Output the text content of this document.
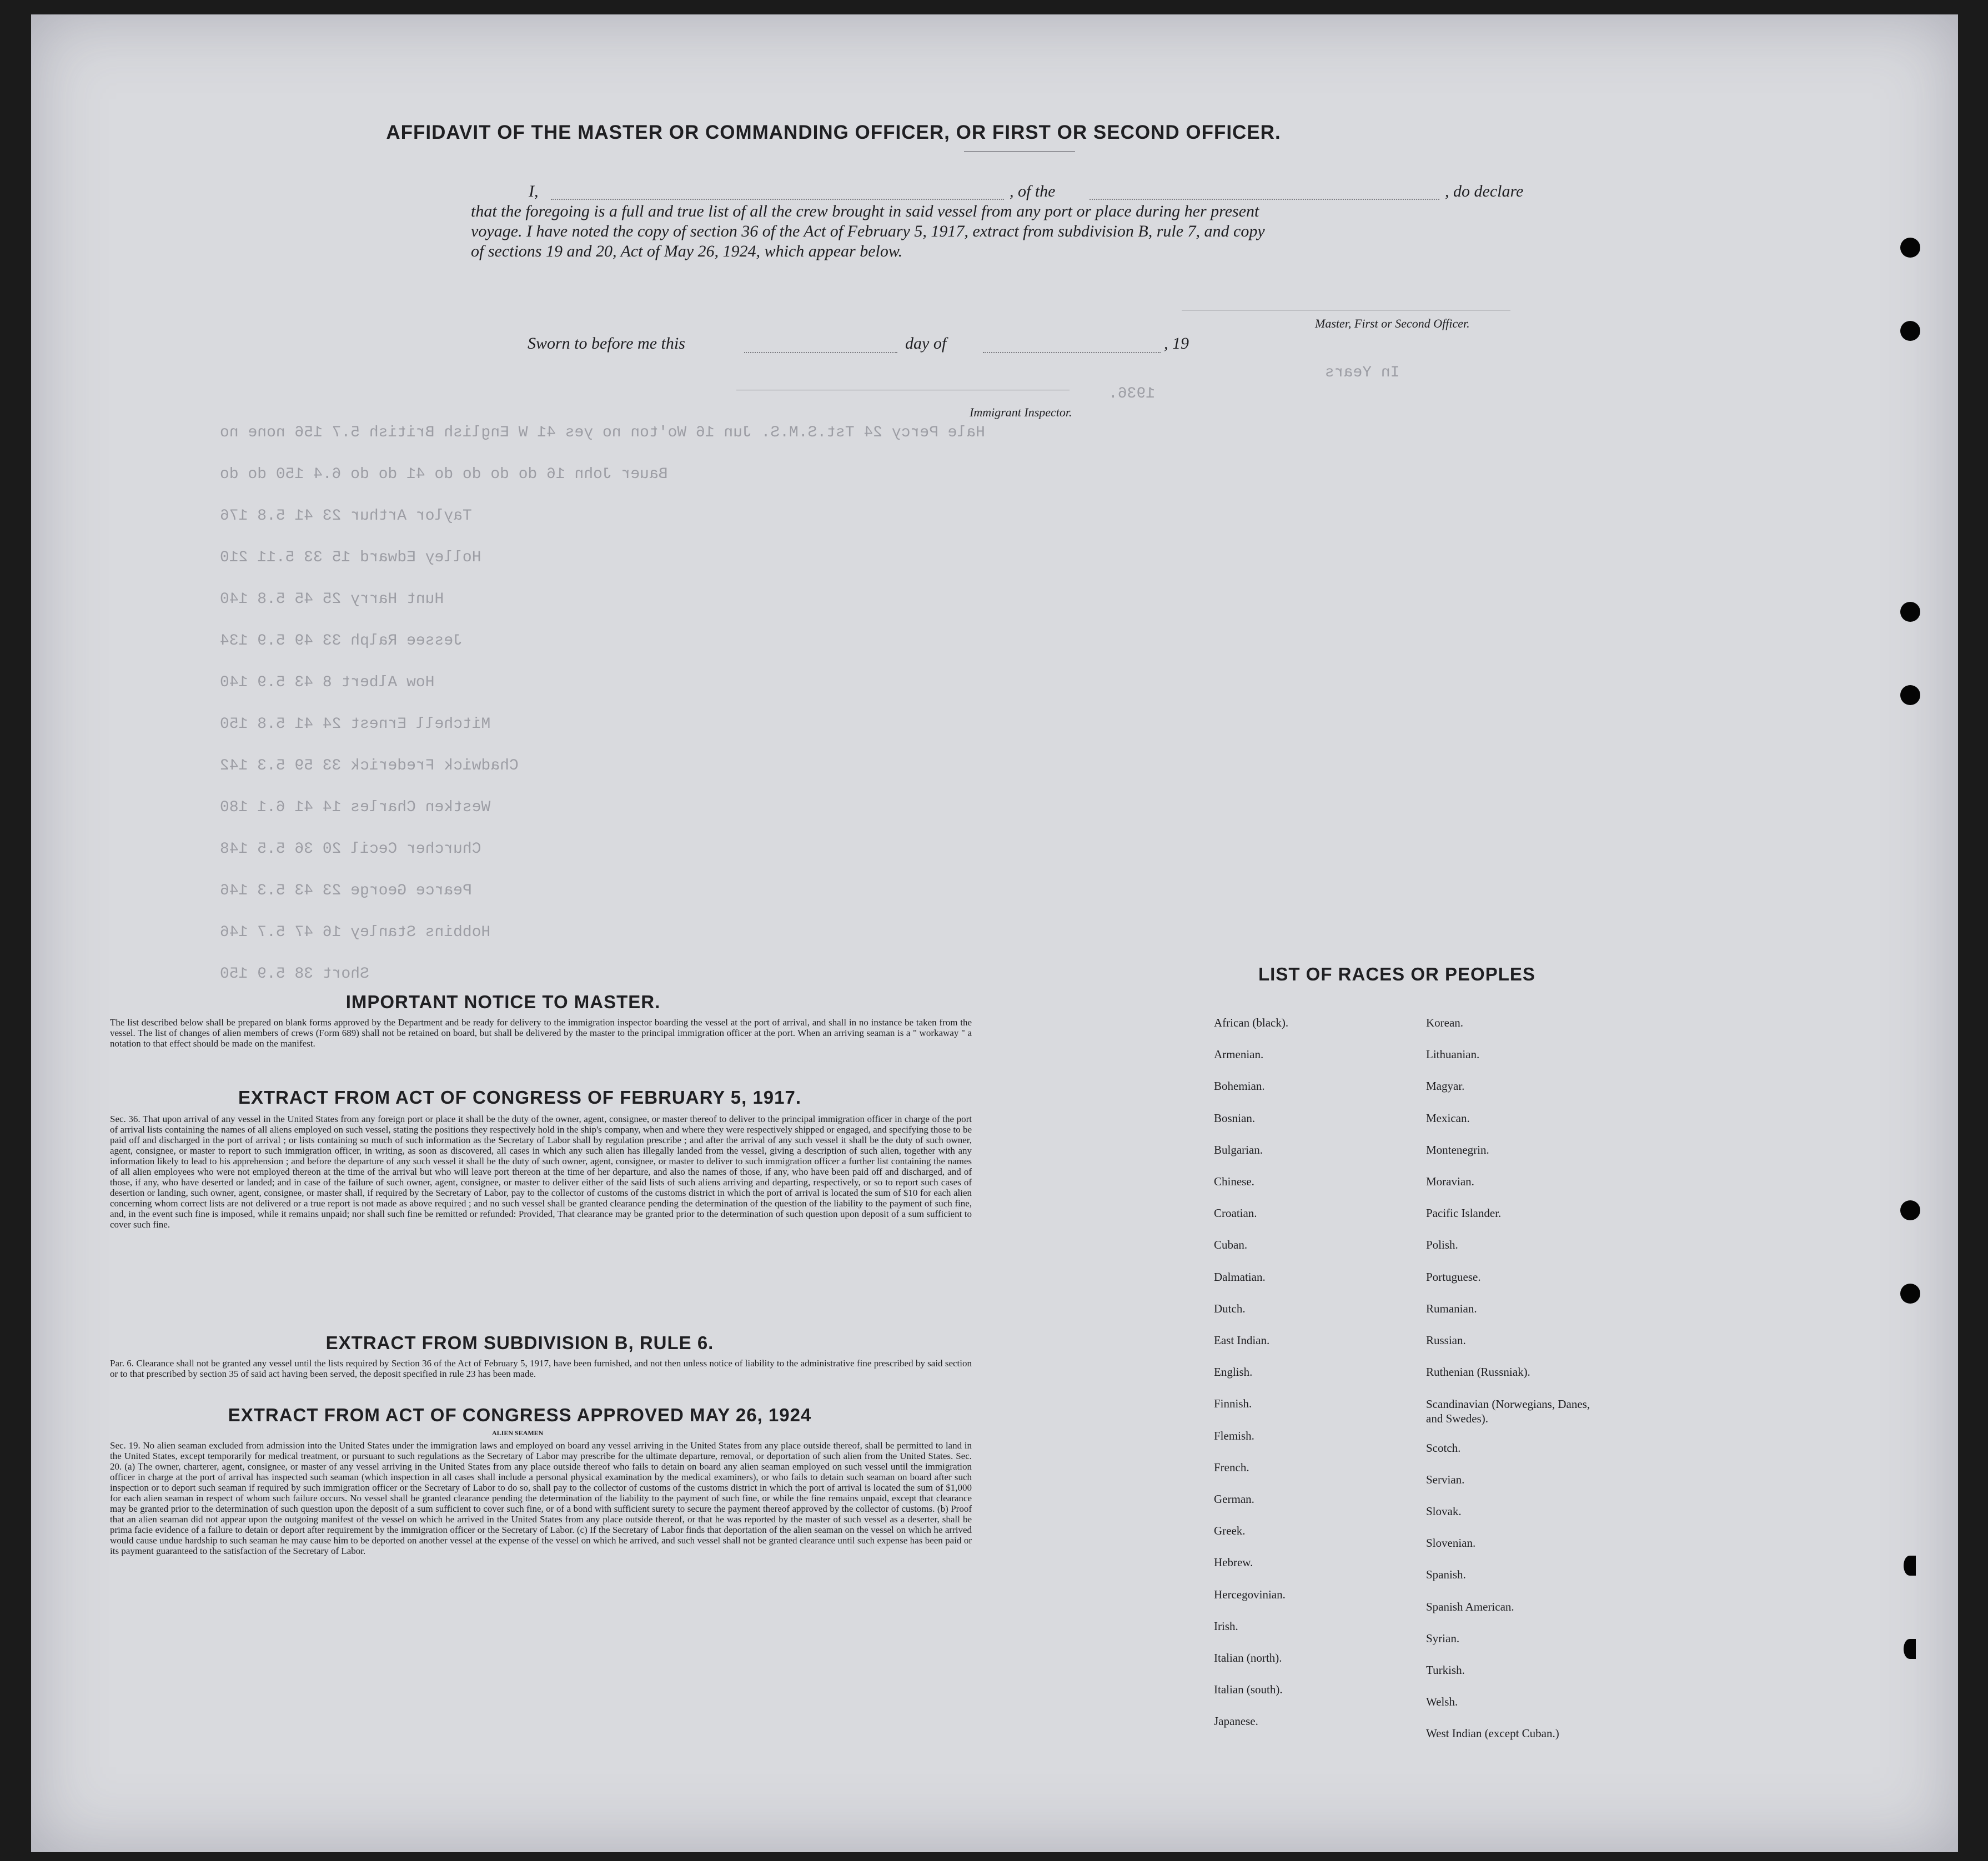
AFFIDAVIT OF THE MASTER OR COMMANDING OFFICER, OR FIRST OR SECOND OFFICER.
I,	, of the	, do declare
that the foregoing is a full and true list of all the crew brought in said vessel from any port or place during her present
voyage. I have noted the copy of section 36 of the Act of February 5, 1917, extract from subdivision B, rule 7, and copy
of sections 19 and 20, Act of May 26, 1924, which appear below.
Master, First or Second Officer.
Sworn to before me this	day of	, 19
Immigrant Inspector.
1936.
In Years
Hale Percy 24 Tst.S.M.S. Jun 16 Wo'ton no yes 41 W English British 5.7 156 none no
Bauer John 16 do do do do 41 do do 6.4 150 do do
Taylor Arthur 23 41 5.8 176
Holley Edward 15 33 5.11 210
Hunt Harry 25 45 5.8 140
Jessee Ralph 33 49 5.9 134
How Albert 8 43 5.9 140
Mitchell Ernest 24 41 5.8 150
Chadwick Frederick 33 59 5.3 142
Westken Charles 14 41 6.1 180
Churcher Cecil 20 36 5.5 148
Pearce George 23 43 5.3 146
Hobbins Stanley 16 47 5.7 146
Short 38 5.9 150
IMPORTANT NOTICE TO MASTER.
The list described below shall be prepared on blank forms approved by the Department and be ready for delivery to the immigration inspector boarding the vessel at the port of arrival, and shall in no instance be taken from the vessel. The list of changes of alien members of crews (Form 689) shall not be retained on board, but shall be delivered by the master to the principal immigration officer at the port. When an arriving seaman is a " workaway " a notation to that effect should be made on the manifest.
EXTRACT FROM ACT OF CONGRESS OF FEBRUARY 5, 1917.
Sec. 36. That upon arrival of any vessel in the United States from any foreign port or place it shall be the duty of the owner, agent, consignee, or master thereof to deliver to the principal immigration officer in charge of the port of arrival lists containing the names of all aliens employed on such vessel, stating the positions they respectively hold in the ship's company, when and where they were respectively shipped or engaged, and specifying those to be paid off and discharged in the port of arrival ; or lists containing so much of such information as the Secretary of Labor shall by regulation prescribe ; and after the arrival of any such vessel it shall be the duty of such owner, agent, consignee, or master to report to such immigration officer, in writing, as soon as discovered, all cases in which any such alien has illegally landed from the vessel, giving a description of such alien, together with any information likely to lead to his apprehension ; and before the departure of any such vessel it shall be the duty of such owner, agent, consignee, or master to deliver to such immigration officer a further list containing the names of all alien employees who were not employed thereon at the time of the arrival but who will leave port thereon at the time of her departure, and also the names of those, if any, who have been paid off and discharged, and of those, if any, who have deserted or landed; and in case of the failure of such owner, agent, consignee, or master to deliver either of the said lists of such aliens arriving and departing, respectively, or so to report such cases of desertion or landing, such owner, agent, consignee, or master shall, if required by the Secretary of Labor, pay to the collector of customs of the customs district in which the port of arrival is located the sum of $10 for each alien concerning whom correct lists are not delivered or a true report is not made as above required ; and no such vessel shall be granted clearance pending the determination of the question of the liability to the payment of such fine, and, in the event such fine is imposed, while it remains unpaid; nor shall such fine be remitted or refunded: Provided, That clearance may be granted prior to the determination of such question upon deposit of a sum sufficient to cover such fine.
EXTRACT FROM SUBDIVISION B, RULE 6.
Par. 6. Clearance shall not be granted any vessel until the lists required by Section 36 of the Act of February 5, 1917, have been furnished, and not then unless notice of liability to the administrative fine prescribed by said section or to that prescribed by section 35 of said act having been served, the deposit specified in rule 23 has been made.
EXTRACT FROM ACT OF CONGRESS APPROVED MAY 26, 1924
ALIEN SEAMEN
Sec. 19. No alien seaman excluded from admission into the United States under the immigration laws and employed on board any vessel arriving in the United States from any place outside thereof, shall be permitted to land in the United States, except temporarily for medical treatment, or pursuant to such regulations as the Secretary of Labor may prescribe for the ultimate departure, removal, or deportation of such alien from the United States. Sec. 20. (a) The owner, charterer, agent, consignee, or master of any vessel arriving in the United States from any place outside thereof who fails to detain on board any alien seaman employed on such vessel until the immigration officer in charge at the port of arrival has inspected such seaman (which inspection in all cases shall include a personal physical examination by the medical examiners), or who fails to detain such seaman on board after such inspection or to deport such seaman if required by such immigration officer or the Secretary of Labor to do so, shall pay to the collector of customs of the customs district in which the port of arrival is located the sum of $1,000 for each alien seaman in respect of whom such failure occurs. No vessel shall be granted clearance pending the determination of the liability to the payment of such fine, or while the fine remains unpaid, except that clearance may be granted prior to the determination of such question upon the deposit of a sum sufficient to cover such fine, or of a bond with sufficient surety to secure the payment thereof approved by the collector of customs. (b) Proof that an alien seaman did not appear upon the outgoing manifest of the vessel on which he arrived in the United States from any place outside thereof, or that he was reported by the master of such vessel as a deserter, shall be prima facie evidence of a failure to detain or deport after requirement by the immigration officer or the Secretary of Labor. (c) If the Secretary of Labor finds that deportation of the alien seaman on the vessel on which he arrived would cause undue hardship to such seaman he may cause him to be deported on another vessel at the expense of the vessel on which he arrived, and such vessel shall not be granted clearance until such expense has been paid or its payment guaranteed to the satisfaction of the Secretary of Labor.
LIST OF RACES OR PEOPLES
African (black).
Armenian.
Bohemian.
Bosnian.
Bulgarian.
Chinese.
Croatian.
Cuban.
Dalmatian.
Dutch.
East Indian.
English.
Finnish.
Flemish.
French.
German.
Greek.
Hebrew.
Hercegovinian.
Irish.
Italian (north).
Italian (south).
Japanese.
Korean.
Lithuanian.
Magyar.
Mexican.
Montenegrin.
Moravian.
Pacific Islander.
Polish.
Portuguese.
Rumanian.
Russian.
Ruthenian (Russniak).
Scandinavian (Norwegians, Danes, and Swedes).
Scotch.
Servian.
Slovak.
Slovenian.
Spanish.
Spanish American.
Syrian.
Turkish.
Welsh.
West Indian (except Cuban.)
